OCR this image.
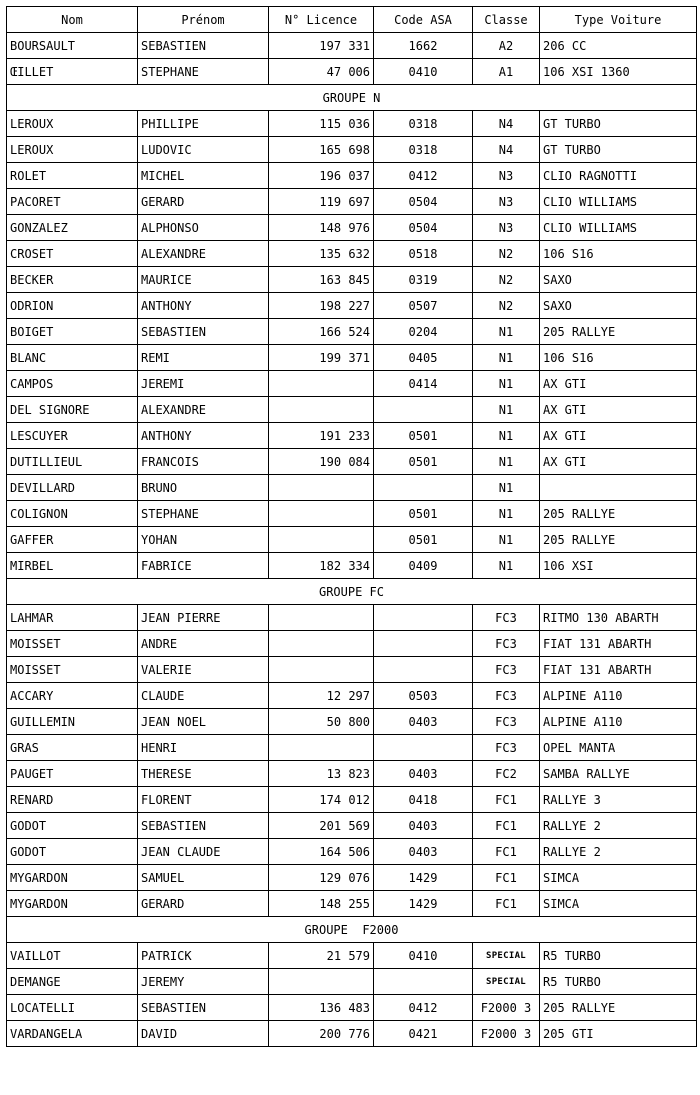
Nom	Prénom	N° Licence	Code ASA	Classe	Type Voiture
BOURSAULT	SEBASTIEN	197 331	1662	A2	206 CC
ŒILLET	STEPHANE	47 006	0410	A1	106 XSI 1360
GROUPE N					
LEROUX	PHILLIPE	115 036	0318	N4	GT TURBO
LEROUX	LUDOVIC	165 698	0318	N4	GT TURBO
ROLET	MICHEL	196 037	0412	N3	CLIO RAGNOTTI
PACORET	GERARD	119 697	0504	N3	CLIO WILLIAMS
GONZALEZ	ALPHONSO	148 976	0504	N3	CLIO WILLIAMS
CROSET	ALEXANDRE	135 632	0518	N2	106 S16
BECKER	MAURICE	163 845	0319	N2	SAXO
ODRION	ANTHONY	198 227	0507	N2	SAXO
BOIGET	SEBASTIEN	166 524	0204	N1	205 RALLYE
BLANC	REMI	199 371	0405	N1	106 S16
CAMPOS	JEREMI		0414	N1	AX GTI
DEL SIGNORE	ALEXANDRE			N1	AX GTI
LESCUYER	ANTHONY	191 233	0501	N1	AX GTI
DUTILLIEUL	FRANCOIS	190 084	0501	N1	AX GTI
DEVILLARD	BRUNO			N1	
COLIGNON	STEPHANE		0501	N1	205 RALLYE
GAFFER	YOHAN		0501	N1	205 RALLYE
MIRBEL	FABRICE	182 334	0409	N1	106 XSI
GROUPE FC					
LAHMAR	JEAN PIERRE			FC3	RITMO 130 ABARTH
MOISSET	ANDRE			FC3	FIAT 131 ABARTH
MOISSET	VALERIE			FC3	FIAT 131 ABARTH
ACCARY	CLAUDE	12 297	0503	FC3	ALPINE A110
GUILLEMIN	JEAN NOEL	50 800	0403	FC3	ALPINE A110
GRAS	HENRI			FC3	OPEL MANTA
PAUGET	THERESE	13 823	0403	FC2	SAMBA RALLYE
RENARD	FLORENT	174 012	0418	FC1	RALLYE 3
GODOT	SEBASTIEN	201 569	0403	FC1	RALLYE 2
GODOT	JEAN CLAUDE	164 506	0403	FC1	RALLYE 2
MYGARDON	SAMUEL	129 076	1429	FC1	SIMCA
MYGARDON	GERARD	148 255	1429	FC1	SIMCA
GROUPE  F2000					
VAILLOT	PATRICK	21 579	0410	SPECIAL	R5 TURBO
DEMANGE	JEREMY			SPECIAL	R5 TURBO
LOCATELLI	SEBASTIEN	136 483	0412	F2000 3	205 RALLYE
VARDANGELA	DAVID	200 776	0421	F2000 3	205 GTI
